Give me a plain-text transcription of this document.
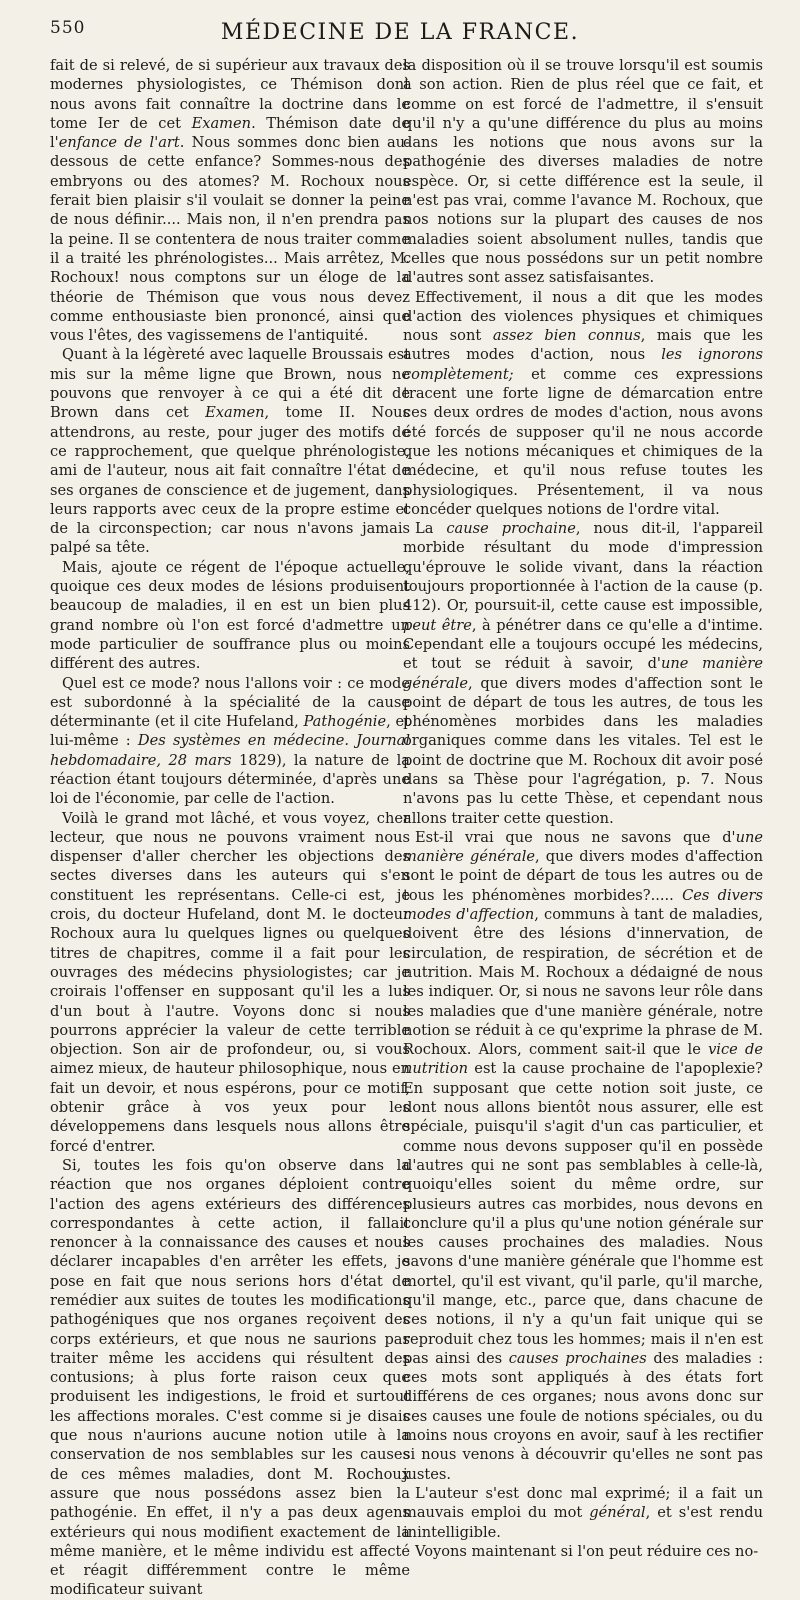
550	MÉDECINE DE LA FRANCE.

fait de si relevé, de si supérieur aux travaux des modernes physiologistes, ce Thémison dont nous avons fait connaître la doctrine dans le tome Ier de cet Examen. Thémison date de l'enfance de l'art. Nous sommes donc bien au-dessous de cette enfance? Sommes-nous des embryons ou des atomes? M. Rochoux nous ferait bien plaisir s'il voulait se donner la peine de nous définir.... Mais non, il n'en prendra pas la peine. Il se contentera de nous traiter comme il a traité les phrénologistes... Mais arrêtez, M. Rochoux! nous comptons sur un éloge de la théorie de Thémison que vous nous devez comme enthousiaste bien prononcé, ainsi que vous l'êtes, des vagissemens de l'antiquité.

Quant à la légèreté avec laquelle Broussais est mis sur la même ligne que Brown, nous ne pouvons que renvoyer à ce qui a été dit de Brown dans cet Examen, tome II. Nous attendrons, au reste, pour juger des motifs de ce rapprochement, que quelque phrénologiste, ami de l'auteur, nous ait fait connaître l'état de ses organes de conscience et de jugement, dans leurs rapports avec ceux de la propre estime et de la circonspection; car nous n'avons jamais palpé sa tête.

Mais, ajoute ce régent de l'époque actuelle, quoique ces deux modes de lésions produisent beaucoup de maladies, il en est un bien plus grand nombre où l'on est forcé d'admettre un mode particulier de souffrance plus ou moins différent des autres.

Quel est ce mode? nous l'allons voir : ce mode est subordonné à la spécialité de la cause déterminante (et il cite Hufeland, Pathogénie, et lui-même : Des systèmes en médecine. Journal hebdomadaire, 28 mars 1829), la nature de la réaction étant toujours déterminée, d'après une loi de l'économie, par celle de l'action.

Voilà le grand mot lâché, et vous voyez, cher lecteur, que nous ne pouvons vraiment nous dispenser d'aller chercher les objections des sectes diverses dans les auteurs qui s'en constituent les représentans. Celle-ci est, je crois, du docteur Hufeland, dont M. le docteur Rochoux aura lu quelques lignes ou quelques titres de chapitres, comme il a fait pour les ouvrages des médecins physiologistes; car je croirais l'offenser en supposant qu'il les a lus d'un bout à l'autre. Voyons donc si nous pourrons apprécier la valeur de cette terrible objection. Son air de profondeur, ou, si vous aimez mieux, de hauteur philosophique, nous en fait un devoir, et nous espérons, pour ce motif, obtenir grâce à vos yeux pour les développemens dans lesquels nous allons être forcé d'entrer.

Si, toutes les fois qu'on observe dans la réaction que nos organes déploient contre l'action des agens extérieurs des différences correspondantes à cette action, il fallait renoncer à la connaissance des causes et nous déclarer incapables d'en arrêter les effets, je pose en fait que nous serions hors d'état de remédier aux suites de toutes les modifications pathogéniques que nos organes reçoivent des corps extérieurs, et que nous ne saurions pas traiter même les accidens qui résultent des contusions; à plus forte raison ceux que produisent les indigestions, le froid et surtout les affections morales. C'est comme si je disais que nous n'aurions aucune notion utile à la conservation de nos semblables sur les causes de ces mêmes maladies, dont M. Rochoux assure que nous possédons assez bien la pathogénie. En effet, il n'y a pas deux agens extérieurs qui nous modifient exactement de la même manière, et le même individu est affecté et réagit différemment contre le même modificateur suivant

la disposition où il se trouve lorsqu'il est soumis à son action. Rien de plus réel que ce fait, et comme on est forcé de l'admettre, il s'ensuit qu'il n'y a qu'une différence du plus au moins dans les notions que nous avons sur la pathogénie des diverses maladies de notre espèce. Or, si cette différence est la seule, il n'est pas vrai, comme l'avance M. Rochoux, que nos notions sur la plupart des causes de nos maladies soient absolument nulles, tandis que celles que nous possédons sur un petit nombre d'autres sont assez satisfaisantes.

Effectivement, il nous a dit que les modes d'action des violences physiques et chimiques nous sont assez bien connus, mais que les autres modes d'action, nous les ignorons complètement; et comme ces expressions tracent une forte ligne de démarcation entre ces deux ordres de modes d'action, nous avons été forcés de supposer qu'il ne nous accorde que les notions mécaniques et chimiques de la médecine, et qu'il nous refuse toutes les physiologiques. Présentement, il va nous concéder quelques notions de l'ordre vital.

La cause prochaine, nous dit-il, l'appareil morbide résultant du mode d'impression qu'éprouve le solide vivant, dans la réaction toujours proportionnée à l'action de la cause (p. 412). Or, poursuit-il, cette cause est impossible, peut être, à pénétrer dans ce qu'elle a d'intime. Cependant elle a toujours occupé les médecins, et tout se réduit à savoir, d'une manière générale, que divers modes d'affection sont le point de départ de tous les autres, de tous les phénomènes morbides dans les maladies organiques comme dans les vitales. Tel est le point de doctrine que M. Rochoux dit avoir posé dans sa Thèse pour l'agrégation, p. 7. Nous n'avons pas lu cette Thèse, et cependant nous allons traiter cette question.

Est-il vrai que nous ne savons que d'une manière générale, que divers modes d'affection sont le point de départ de tous les autres ou de tous les phénomènes morbides?..... Ces divers modes d'affection, communs à tant de maladies, doivent être des lésions d'innervation, de circulation, de respiration, de sécrétion et de nutrition. Mais M. Rochoux a dédaigné de nous les indiquer. Or, si nous ne savons leur rôle dans les maladies que d'une manière générale, notre notion se réduit à ce qu'exprime la phrase de M. Rochoux. Alors, comment sait-il que le vice de nutrition est la cause prochaine de l'apoplexie? En supposant que cette notion soit juste, ce dont nous allons bientôt nous assurer, elle est spéciale, puisqu'il s'agit d'un cas particulier, et comme nous devons supposer qu'il en possède d'autres qui ne sont pas semblables à celle-là, quoiqu'elles soient du même ordre, sur plusieurs autres cas morbides, nous devons en conclure qu'il a plus qu'une notion générale sur les causes prochaines des maladies. Nous savons d'une manière générale que l'homme est mortel, qu'il est vivant, qu'il parle, qu'il marche, qu'il mange, etc., parce que, dans chacune de ces notions, il n'y a qu'un fait unique qui se reproduit chez tous les hommes; mais il n'en est pas ainsi des causes prochaines des maladies : ces mots sont appliqués à des états fort différens de ces organes; nous avons donc sur ces causes une foule de notions spéciales, ou du moins nous croyons en avoir, sauf à les rectifier si nous venons à découvrir qu'elles ne sont pas justes.

L'auteur s'est donc mal exprimé; il a fait un mauvais emploi du mot général, et s'est rendu inintelligible.

Voyons maintenant si l'on peut réduire ces no-
